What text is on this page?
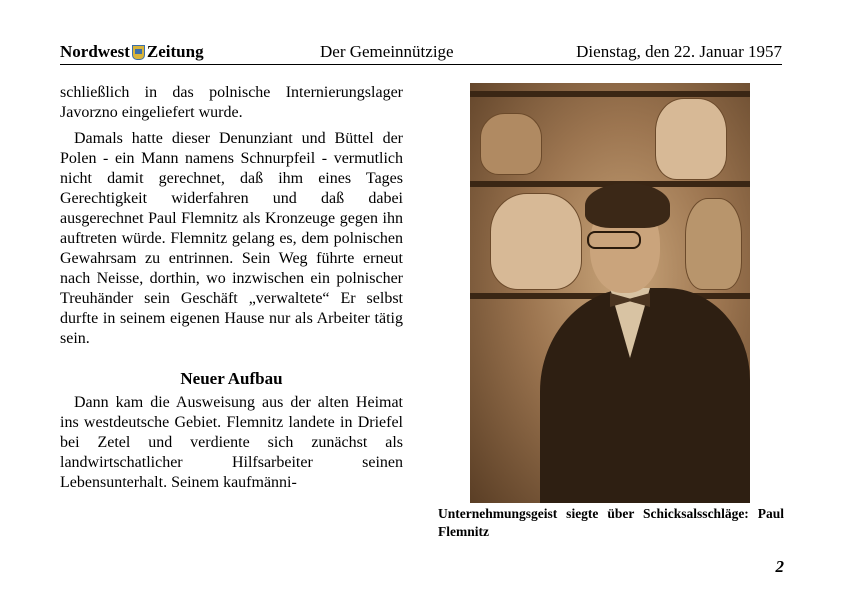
Nordwest Zeitung	Der Gemeinnützige	Dienstag, den 22. Januar 1957

schließlich in das polnische Internierungslager Javorzno eingeliefert wurde.

Damals hatte dieser Denunziant und Büttel der Polen - ein Mann namens Schnurpfeil - vermutlich nicht damit gerechnet, daß ihm eines Tages Gerechtigkeit widerfahren und daß dabei ausgerechnet Paul Flemnitz als Kronzeuge gegen ihn auftreten würde. Flemnitz gelang es, dem polnischen Gewahrsam zu entrinnen. Sein Weg führte erneut nach Neisse, dorthin, wo inzwischen ein polnischer Treuhänder sein Geschäft „verwaltete“ Er selbst durfte in seinem eigenen Hause nur als Arbeiter tätig sein.

Neuer Aufbau

Dann kam die Ausweisung aus der alten Heimat ins westdeutsche Gebiet. Flemnitz landete in Driefel bei Zetel und verdiente sich zunächst als landwirtschatlicher Hilfsarbeiter seinen Lebensunterhalt. Seinem kaufmänni-

Unternehmungsgeist siegte über Schicksalsschläge: Paul Flemnitz
2
